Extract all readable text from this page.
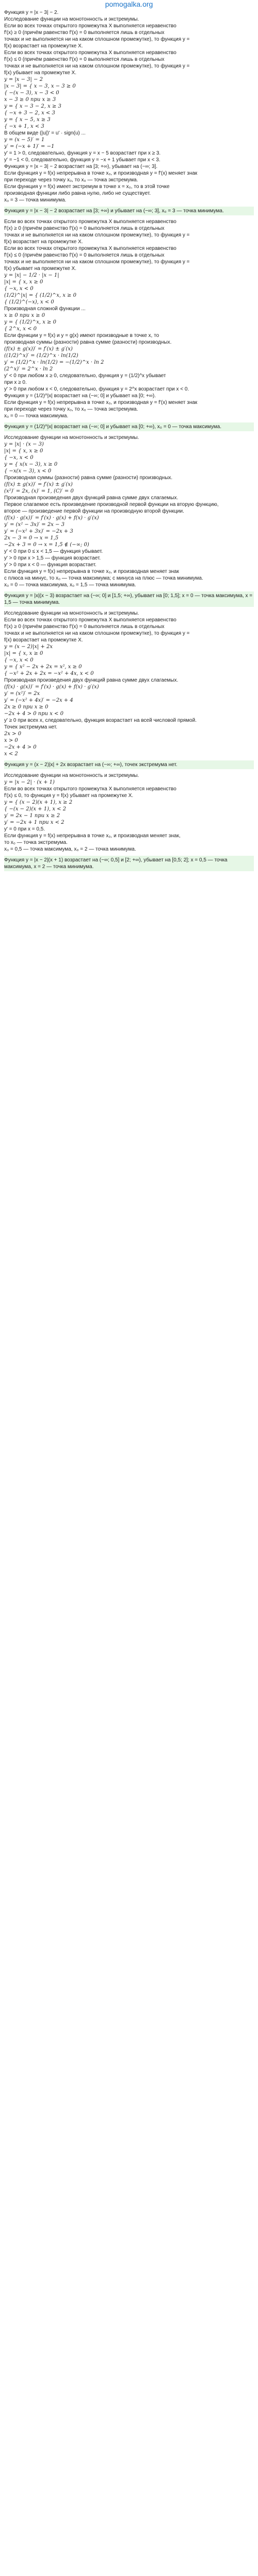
pomogalka.org
Функция y = |x − 3| − 2.
Исследование функции на монотонность и экстремумы.
Если во всех точках открытого промежутка X выполняется неравенство
f′(x) ≥ 0 (причём равенство f′(x) = 0 выполняется лишь в отдельных
точках и не выполняется ни на каком сплошном промежутке), то функция y =
f(x) возрастает на промежутке X.
Если во всех точках открытого промежутка X выполняется неравенство
f′(x) ≤ 0 (причём равенство f′(x) = 0 выполняется лишь в отдельных
точках и не выполняется ни на каком сплошном промежутке), то функция y =
f(x) убывает на промежутке X.
y = |x − 3| − 2
|x − 3| = { x − 3, x − 3 ≥ 0
{ −(x − 3), x − 3 < 0
x − 3 ≥ 0 при x ≥ 3
y = { x − 3 − 2, x ≥ 3
{ −x + 3 − 2, x < 3
y = { x − 5, x ≥ 3
{ −x + 1, x < 3
В общем виде (|u|)′ = u′ · sign(u) ...
y = (x − 5)′ = 1
y′ = (−x + 1)′ = −1
y′ = 1 > 0, следовательно, функция y = x − 5 возрастает при x ≥ 3.
y′ = −1 < 0, следовательно, функция y = −x + 1 убывает при x < 3.
Функция y = |x − 3| − 2 возрастает на [3; +∞), убывает на (−∞; 3].
Если функция y = f(x) непрерывна в точке x₀, и производная y = f′(x) меняет знак
при переходе через точку x₀, то x₀ — точка экстремума.
Если функция y = f(x) имеет экстремум в точке x = x₀, то в этой точке
производная функции либо равна нулю, либо не существует.
x₀ = 3 — точка минимума.
Функция y = |x − 3| − 2 возрастает на [3; +∞) и убывает на (−∞; 3], x₀ = 3 — точка минимума.
Если во всех точках открытого промежутка X выполняется неравенство
f′(x) ≥ 0 (причём равенство f′(x) = 0 выполняется лишь в отдельных
точках и не выполняется ни на каком сплошном промежутке), то функция y =
f(x) возрастает на промежутке X.
Если во всех точках открытого промежутка X выполняется неравенство
f′(x) ≤ 0 (причём равенство f′(x) = 0 выполняется лишь в отдельных
точках и не выполняется ни на каком сплошном промежутке), то функция y =
f(x) убывает на промежутке X.
y = |x| − 1/2 · |x − 1|
|x| = { x, x ≥ 0
{ −x, x < 0
(1/2)^|x| = { (1/2)^x, x ≥ 0
{ (1/2)^(−x), x < 0
Производная сложной функции ...
x ≥ 0 при x ≥ 0
y = { (1/2)^x, x ≥ 0
{ 2^x, x < 0
Если функции y = f(x) и y = g(x) имеют производные в точке x, то
производная суммы (разности) равна сумме (разности) производных.
(f(x) ± g(x))′ = f′(x) ± g′(x)
((1/2)^x)′ = (1/2)^x · ln(1/2)
y′ = (1/2)^x · ln(1/2) = −(1/2)^x · ln 2
(2^x)′ = 2^x · ln 2
y′ < 0 при любом x ≥ 0, следовательно, функция y = (1/2)^x убывает
при x ≥ 0.
y′ > 0 при любом x < 0, следовательно, функция y = 2^x возрастает при x < 0.
Функция y = (1/2)^|x| возрастает на (−∞; 0] и убывает на [0; +∞).
Если функция y = f(x) непрерывна в точке x₀, и производная y = f′(x) меняет знак
при переходе через точку x₀, то x₀ — точка экстремума.
x₀ = 0 — точка максимума.
Функция y = (1/2)^|x| возрастает на (−∞; 0] и убывает на [0; +∞), x₀ = 0 — точка максимума.
Исследование функции на монотонность и экстремумы.
y = |x| · (x − 3)
|x| = { x, x ≥ 0
{ −x, x < 0
y = { x(x − 3), x ≥ 0
{ −x(x − 3), x < 0
Производная суммы (разности) равна сумме (разности) производных.
(f(x) ± g(x))′ = f′(x) ± g′(x)
(x²)′ = 2x, (x)′ = 1, (C)′ = 0
Производная произведения двух функций равна сумме двух слагаемых.
Первое слагаемое есть произведение производной первой функции на вторую функцию,
второе — произведение первой функции на производную второй функции.
(f(x) · g(x))′ = f′(x) · g(x) + f(x) · g′(x)
y′ = (x² − 3x)′ = 2x − 3
y′ = (−x² + 3x)′ = −2x + 3
2x − 3 = 0 → x = 1,5
−2x + 3 = 0 → x = 1,5 ∉ (−∞; 0)
y′ < 0 при 0 ≤ x < 1,5 — функция убывает.
y′ > 0 при x > 1,5 — функция возрастает.
y′ > 0 при x < 0 — функция возрастает.
Если функция y = f(x) непрерывна в точке x₀, и производная меняет знак
с плюса на минус, то x₀ — точка максимума; с минуса на плюс — точка минимума.
x₀ = 0 — точка максимума, x₀ = 1,5 — точка минимума.
Функция y = |x|(x − 3) возрастает на (−∞; 0] и [1,5; +∞), убывает на [0; 1,5]; x = 0 — точка максимума, x = 1,5 — точка минимума.
Исследование функции на монотонность и экстремумы.
Если во всех точках открытого промежутка X выполняется неравенство
f′(x) ≥ 0 (причём равенство f′(x) = 0 выполняется лишь в отдельных
точках и не выполняется ни на каком сплошном промежутке), то функция y =
f(x) возрастает на промежутке X.
y = (x − 2)|x| + 2x
|x| = { x, x ≥ 0
{ −x, x < 0
y = { x² − 2x + 2x = x², x ≥ 0
{ −x² + 2x + 2x = −x² + 4x, x < 0
Производная произведения двух функций равна сумме двух слагаемых.
(f(x) · g(x))′ = f′(x) · g(x) + f(x) · g′(x)
y′ = (x²)′ = 2x
y′ = (−x² + 4x)′ = −2x + 4
2x ≥ 0 при x ≥ 0
−2x + 4 > 0 при x < 0
y′ ≥ 0 при всех x, следовательно, функция возрастает на всей числовой прямой.
Точек экстремума нет.
2x > 0
x > 0
−2x + 4 > 0
x < 2
Функция y = (x − 2)|x| + 2x возрастает на (−∞; +∞), точек экстремума нет.
Исследование функции на монотонность и экстремумы.
y = |x − 2| · (x + 1)
Если во всех точках открытого промежутка X выполняется неравенство
f′(x) ≤ 0, то функция y = f(x) убывает на промежутке X.
y = { (x − 2)(x + 1), x ≥ 2
{ −(x − 2)(x + 1), x < 2
y′ = 2x − 1 при x ≥ 2
y′ = −2x + 1 при x < 2
y′ = 0 при x = 0,5.
Если функция y = f(x) непрерывна в точке x₀, и производная меняет знак,
то x₀ — точка экстремума.
x₀ = 0,5 — точка максимума, x₀ = 2 — точка минимума.
Функция y = |x − 2|(x + 1) возрастает на (−∞; 0,5] и [2; +∞), убывает на [0,5; 2]; x = 0,5 — точка максимума, x = 2 — точка минимума.
